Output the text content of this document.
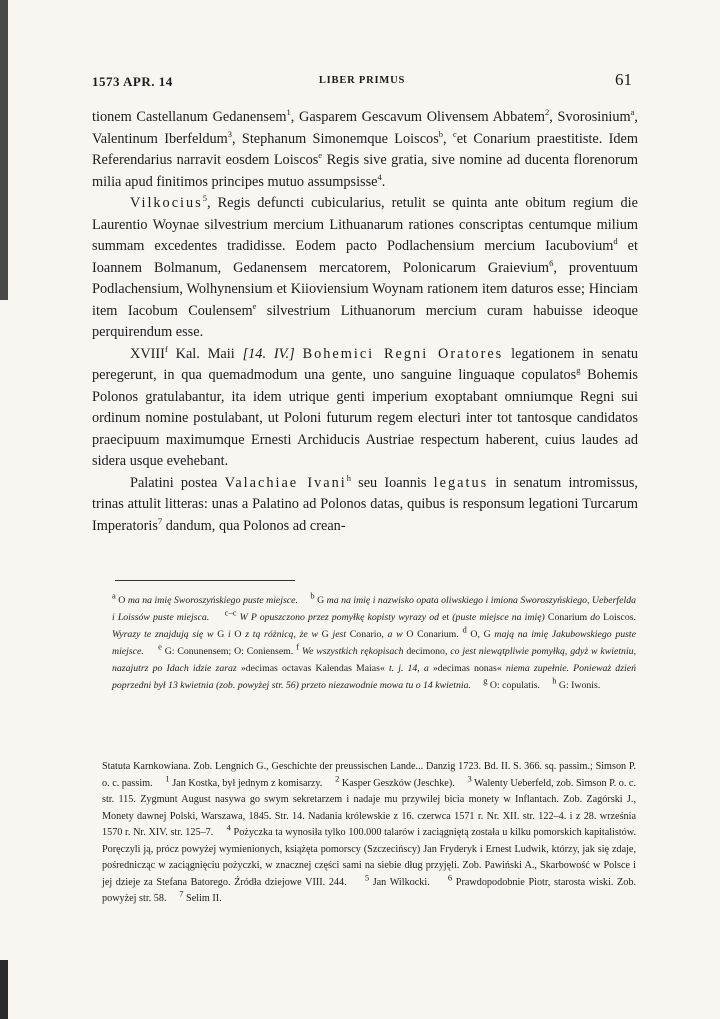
1573 APR. 14	LIBER PRIMUS	61

tionem Castellanum Gedanensem$^1$, Gasparem Gescavum Olivensem Abbatem$^2$, Svorosinium$^a$, Valentinum Iberfeldum$^3$, Stephanum Simonemque Loiscos$^b$, $^c$et Conarium praestitiste. Idem Referendarius narravit eosdem Loiscos$^e$ Regis sive gratia, sive nomine ad ducenta florenorum milia apud finitimos principes mutuo assumpsisse$^4$.

Vilkocius$^5$, Regis defuncti cubicularius, retulit se quinta ante obitum regium die Laurentio Woynae silvestrium mercium Lithuanarum rationes conscriptas centumque milium summam excedentes tradidisse. Eodem pacto Podlachensium mercium Iacubovium$^d$ et Ioannem Bolmanum, Gedanensem mercatorem, Polonicarum Graievium$^6$, proventuum Podlachensium, Wolhynensium et Kiioviensium Woynam rationem item daturos esse; Hinciam item Iacobum Coulensem$^e$ silvestrium Lithuanorum mercium curam habuisse ideoque perquirendum esse.

XVIII$^f$ Kal. Maii [14. IV.] Bohemici Regni Oratores legationem in senatu peregerunt, in qua quemadmodum una gente, uno sanguine linguaque copulatos$^g$ Bohemis Polonos gratulabantur, ita idem utrique genti imperium exoptabant omniumque Regni sui ordinum nomine postulabant, ut Poloni futurum regem electuri inter tot tantosque candidatos praecipuum maximumque Ernesti Archiducis Austriae respectum haberent, cuius laudes ad sidera usque evehebant.

Palatini postea Valachiae Ivani$^h$ seu Ioannis legatus in senatum intromissus, trinas attulit litteras: unas a Palatino ad Polonos datas, quibus is responsum legationi Turcarum Imperatoris$^7$ dandum, qua Polonos ad crean-

$^a$ O ma na imię Sworoszyńskiego puste miejsce. $^b$ G ma na imię i nazwisko opata oliwskiego i imiona Sworoszyńskiego, Ueberfelda i Loissów puste miejsca. $^{c-c}$ W P opuszczono przez pomyłkę kopisty wyrazy od et (puste miejsce na imię) Conarium do Loiscos. Wyrazy te znajdują się w G i O z tą różnicą, że w G jest Conario, a w O Conarium. $^d$ O, G mają na imię Jakubowskiego puste miejsce. $^e$ G: Conunensem; O: Coniensem. $^f$ We wszystkich rękopisach decimono, co jest niewątpliwie pomyłką, gdyż w kwietniu, nazajutrz po Idach idzie zaraz »decimas octavas Kalendas Maias« t. j. 14, a »decimas nonas« niema zupełnie. Ponieważ dzień poprzedni był 13 kwietnia (zob. powyżej str. 56) przeto niezawodnie mowa tu o 14 kwietnia. $^g$ O: copulatis.     $^h$ G: Iwonis.

Statuta Karnkowiana. Zob. Lengnich G., Geschichte der preussischen Lande... Danzig 1723. Bd. II. S. 366. sq. passim.; Simson P. o. c. passim.     $^1$ Jan Kostka, był jednym z komisarzy.     $^2$ Kasper Geszków (Jeschke).     $^3$ Walenty Ueberfeld, zob. Simson P. o. c. str. 115. Zygmunt August nasywa go swym sekretarzem i nadaje mu przywilej bicia monety w Inflantach. Zob. Zagórski J., Monety dawnej Polski, Warszawa, 1845. Str. 14. Nadania królewskie z 16. czerwca 1571 r. Nr. XII. str. 122–4. i z 28. września 1570 r. Nr. XIV. str. 125–7.     $^4$ Pożyczka ta wynosiła tylko 100.000 talarów i zaciągniętą została u kilku pomorskich kapitalistów. Poręczyli ją, prócz powyżej wymienionych, książęta pomorscy (Szczecińscy) Jan Fryderyk i Ernest Ludwik, którzy, jak się zdaje, pośrednicząc w zaciągnięciu pożyczki, w znacznej części sami na siebie dług przyjęli. Zob. Pawiński A., Skarbowość w Polsce i jej dzieje za Stefana Batorego. Źródła dziejowe VIII. 244.     $^5$ Jan Wilkocki.     $^6$ Prawdopodobnie Piotr, starosta wiski. Zob. powyżej str. 58.     $^7$ Selim II.
